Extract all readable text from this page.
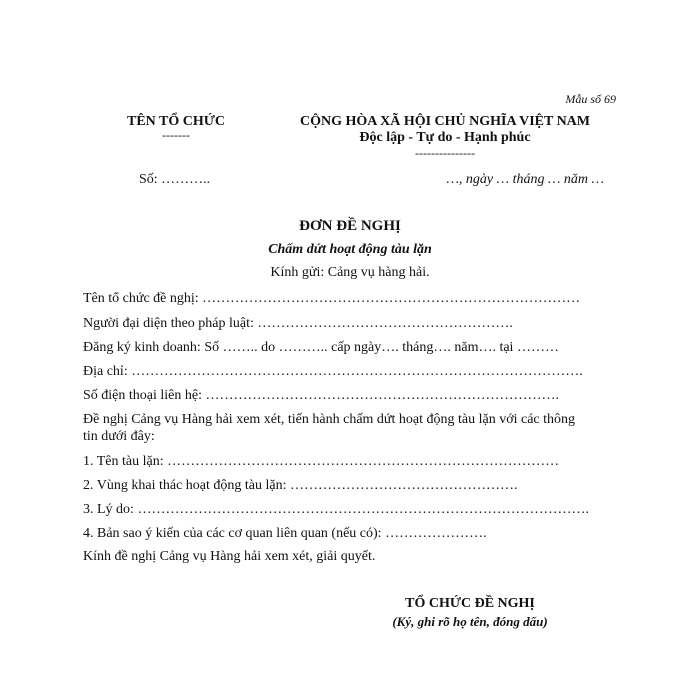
Mẫu số 69
TÊN TỔ CHỨC
-------
CỘNG HÒA XÃ HỘI CHỦ NGHĨA VIỆT NAM
Độc lập - Tự do - Hạnh phúc
---------------
Số: ………..	…, ngày … tháng … năm …
ĐƠN ĐỀ NGHỊ
Chấm dứt hoạt động tàu lặn
Kính gửi: Cảng vụ hàng hải.
Tên tổ chức đề nghị: ………………………………………………………………………
Người đại diện theo pháp luật: ……………………………………………….
Đăng ký kinh doanh: Số …….. do ……….. cấp ngày…. tháng…. năm…. tại ………
Địa chỉ: …………………………………………………………………………………….
Số điện thoại liên hệ: ………………………………………………………………….
Đề nghị Cảng vụ Hàng hải xem xét, tiến hành chấm dứt hoạt động tàu lặn với các thông
tin dưới đây:
1. Tên tàu lặn: …………………………………………………………………………
2. Vùng khai thác hoạt động tàu lặn: ………………………………………….
3. Lý do: …………………………………………………………………………………….
4. Bản sao ý kiến của các cơ quan liên quan (nếu có): ………………….
Kính đề nghị Cảng vụ Hàng hải xem xét, giải quyết.
TỔ CHỨC ĐỀ NGHỊ
(Ký, ghi rõ họ tên, đóng dấu)
